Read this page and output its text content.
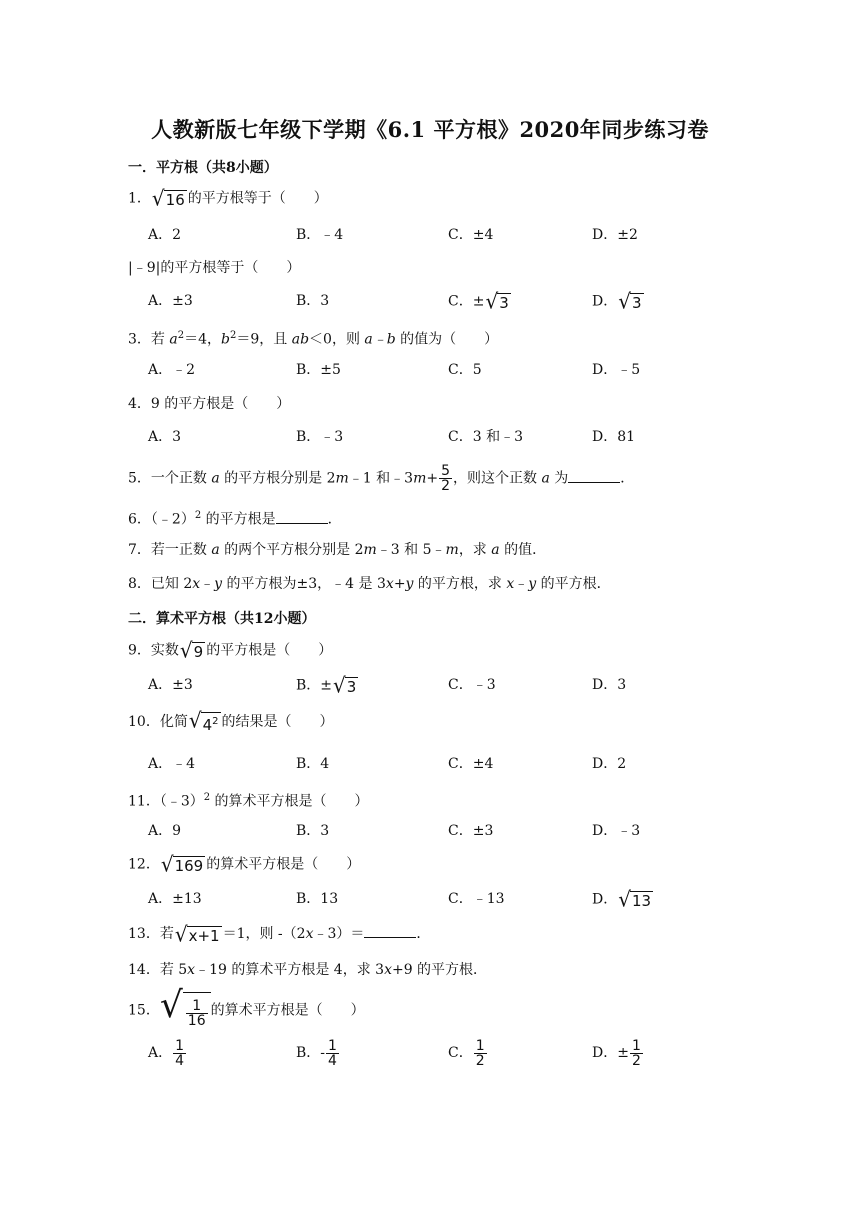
人教新版七年级下学期《6.1 平方根》2020年同步练习卷
一．平方根（共8小题）
1． √ 16 的平方根等于（　　）
A．2	B．﹣4	C．±4	D．±2
|﹣9|的平方根等于（　　）
A．±3	B．3	C．± √ 3	D． √ 3
3．若 $a^2=4$，$b^2=9$，且 ab＜0，则 a﹣b 的值为（　　）
A．﹣2	B．±5	C．5	D．﹣5
4．9 的平方根是（　　）
A．3	B．﹣3	C．3 和﹣3	D．81
5．一个正数 a 的平方根分别是 2m﹣1 和﹣3m+ $\frac{5}{2}$ ，则这个正数 a 为	．
6．（﹣2）$^2$ 的平方根是	．
7．若一正数 a 的两个平方根分别是 2m﹣3 和 5﹣m，求 a 的值．
8．已知 2x﹣y 的平方根为±3，﹣4 是 3x+y 的平方根，求 x﹣y 的平方根．
二．算术平方根（共12小题）
9．实数 √ 9 的平方根是（　　）
A．±3	B．± √ 3	C．﹣3	D．3
10．化简 √ $4^2$ 的结果是（　　）
A．﹣4	B．4	C．±4	D．2
11．（﹣3）$^2$ 的算术平方根是（　　）
A．9	B．3	C．±3	D．﹣3
12． √ 169 的算术平方根是（　　）
A．±13	B．13	C．﹣13	D． √ 13
13．若 √ x+1 ＝1，则 -（2x﹣3）＝	．
14．若 5x﹣19 的算术平方根是 4，求 3x+9 的平方根．
15． √ $\frac{1}{16}$ 的算术平方根是（　　）
A． $\frac{1}{4}$	B．- $\frac{1}{4}$	C． $\frac{1}{2}$	D．± $\frac{1}{2}$
